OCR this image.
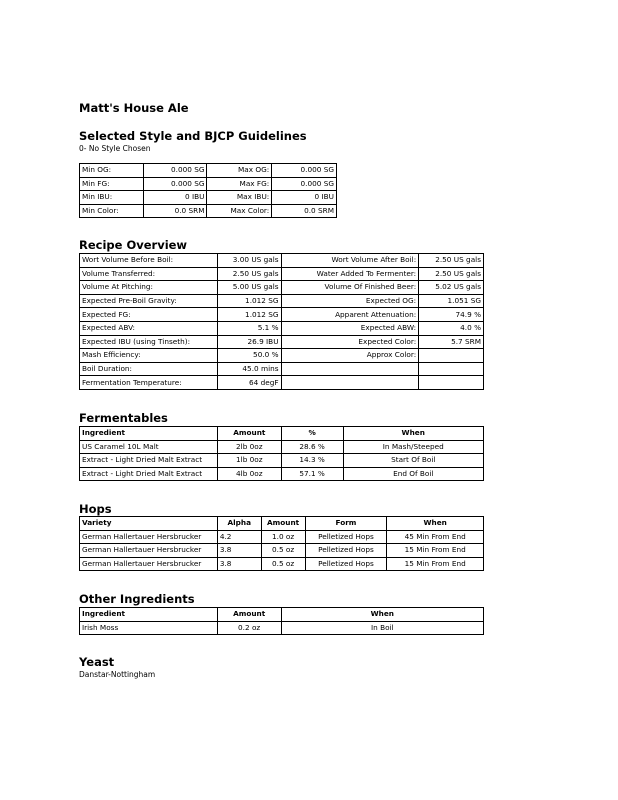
Matt's House Ale
Selected Style and BJCP Guidelines
0- No Style Chosen
Min OG:	0.000 SG	Max OG:	0.000 SG
Min FG:	0.000 SG	Max FG:	0.000 SG
Min IBU:	0 IBU	Max IBU:	0 IBU
Min Color:	0.0 SRM	Max Color:	0.0 SRM
Recipe Overview
Wort Volume Before Boil:	3.00 US gals	Wort Volume After Boil:	2.50 US gals
Volume Transferred:	2.50 US gals	Water Added To Fermenter:	2.50 US gals
Volume At Pitching:	5.00 US gals	Volume Of Finished Beer:	5.02 US gals
Expected Pre-Boil Gravity:	1.012 SG	Expected OG:	1.051 SG
Expected FG:	1.012 SG	Apparent Attenuation:	74.9 %
Expected ABV:	5.1 %	Expected ABW:	4.0 %
Expected IBU (using Tinseth):	26.9 IBU	Expected Color:	5.7 SRM
Mash Efficiency:	50.0 %	Approx Color:	
Boil Duration:	45.0 mins		
Fermentation Temperature:	64 degF		
Fermentables
Ingredient	Amount	%	When
US Caramel 10L Malt	2lb 0oz	28.6 %	In Mash/Steeped
Extract - Light Dried Malt Extract	1lb 0oz	14.3 %	Start Of Boil
Extract - Light Dried Malt Extract	4lb 0oz	57.1 %	End Of Boil
Hops
Variety	Alpha	Amount	Form	When
German Hallertauer Hersbrucker	4.2	1.0 oz	Pelletized Hops	45 Min From End
German Hallertauer Hersbrucker	3.8	0.5 oz	Pelletized Hops	15 Min From End
German Hallertauer Hersbrucker	3.8	0.5 oz	Pelletized Hops	15 Min From End
Other Ingredients
Ingredient	Amount	When
Irish Moss	0.2 oz	In Boil
Yeast
Danstar-Nottingham
